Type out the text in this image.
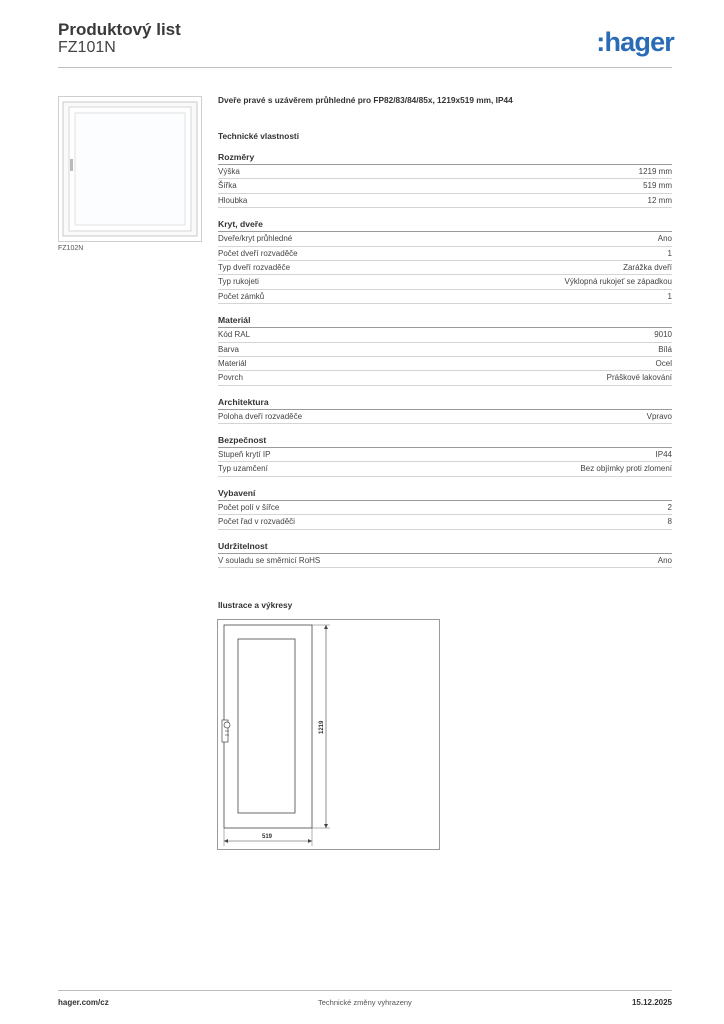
Produktový list
FZ101N	:hager
FZ102N
Dveře pravé s uzávěrem průhledné pro FP82/83/84/85x, 1219x519 mm, IP44
Technické vlastnosti
Rozměry
Výška	1219 mm
Šířka	519 mm
Hloubka	12 mm
Kryt, dveře
Dveře/kryt průhledné	Ano
Počet dveří rozvaděče	1
Typ dveří rozvaděče	Zarážka dveří
Typ rukojeti	Výklopná rukojeť se západkou
Počet zámků	1
Materiál
Kód RAL	9010
Barva	Bílá
Materiál	Ocel
Povrch	Práškové lakování
Architektura
Poloha dveří rozvaděče	Vpravo
Bezpečnost
Stupeň krytí IP	IP44
Typ uzamčení	Bez objímky proti zlomení
Vybavení
Počet polí v šířce	2
Počet řad v rozvaděči	8
Udržitelnost
V souladu se směrnicí RoHS	Ano
Ilustrace a výkresy
519
1219
hager.com/cz	Technické změny vyhrazeny	15.12.2025
